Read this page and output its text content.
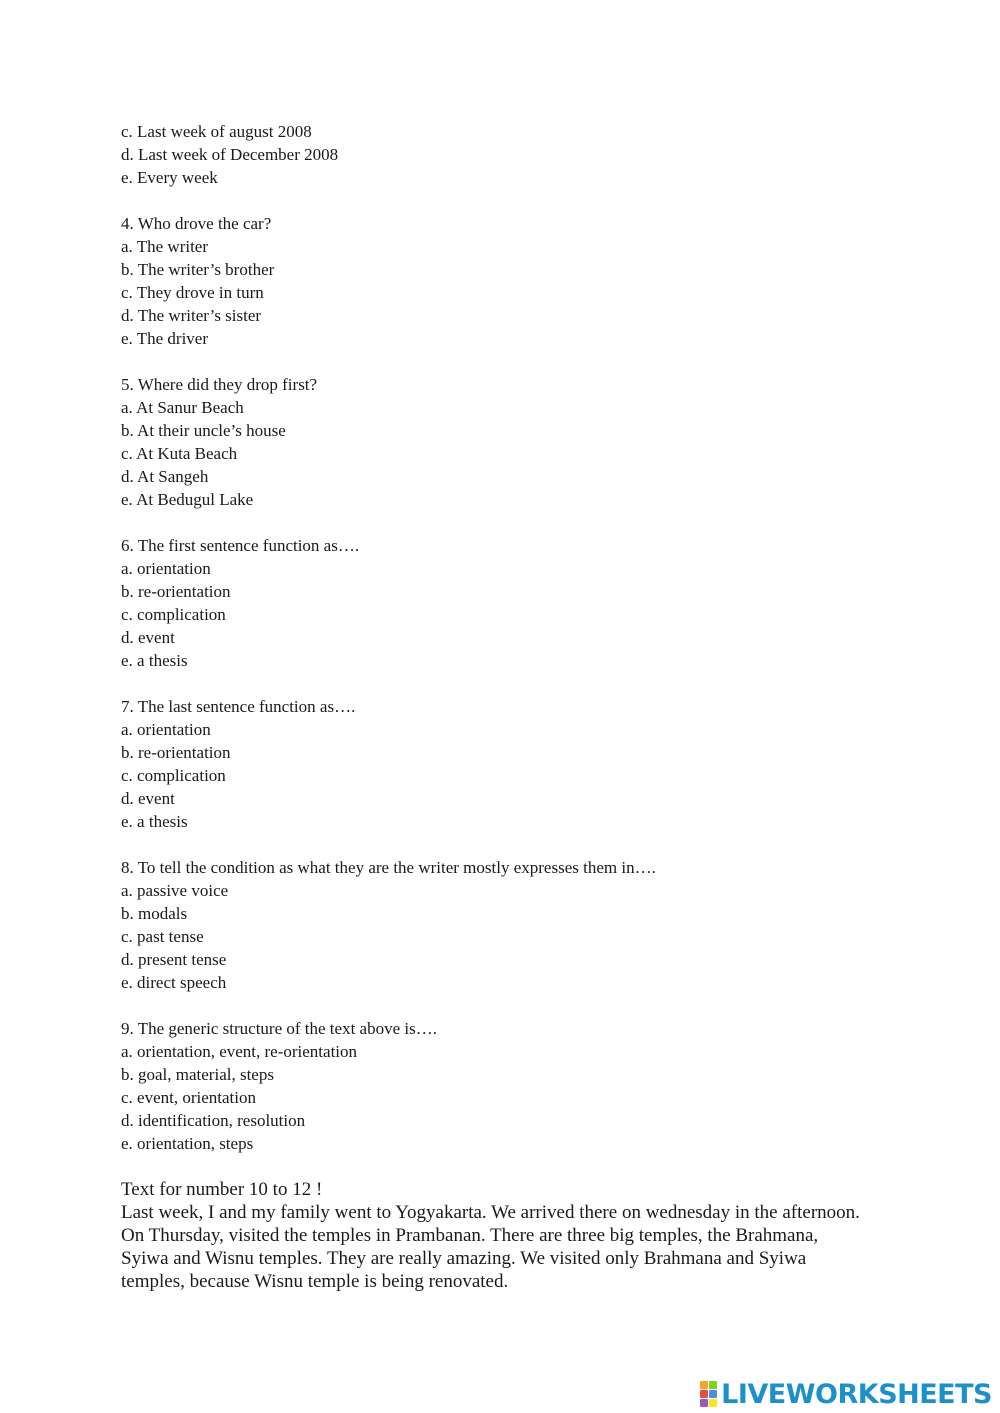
c. Last week of august 2008
d. Last week of December 2008
e. Every week
4. Who drove the car?
a. The writer
b. The writer’s brother
c. They drove in turn
d. The writer’s sister
e. The driver
5. Where did they drop first?
a. At Sanur Beach
b. At their uncle’s house
c. At Kuta Beach
d. At Sangeh
e. At Bedugul Lake
6. The first sentence function as….
a. orientation
b. re-orientation
c. complication
d. event
e. a thesis
7. The last sentence function as….
a. orientation
b. re-orientation
c. complication
d. event
e. a thesis
8. To tell the condition as what they are the writer mostly expresses them in….
a. passive voice
b. modals
c. past tense
d. present tense
e. direct speech
9. The generic structure of the text above is….
a. orientation, event, re-orientation
b. goal, material, steps
c. event, orientation
d. identification, resolution
e. orientation, steps
Text for number 10 to 12 !
Last week, I and my family went to Yogyakarta. We arrived there on wednesday in the afternoon. On Thursday, visited the temples in Prambanan. There are three big temples, the Brahmana, Syiwa and Wisnu temples. They are really amazing. We visited only Brahmana and Syiwa temples, because Wisnu temple is being renovated.
LIVEWORKSHEETS
